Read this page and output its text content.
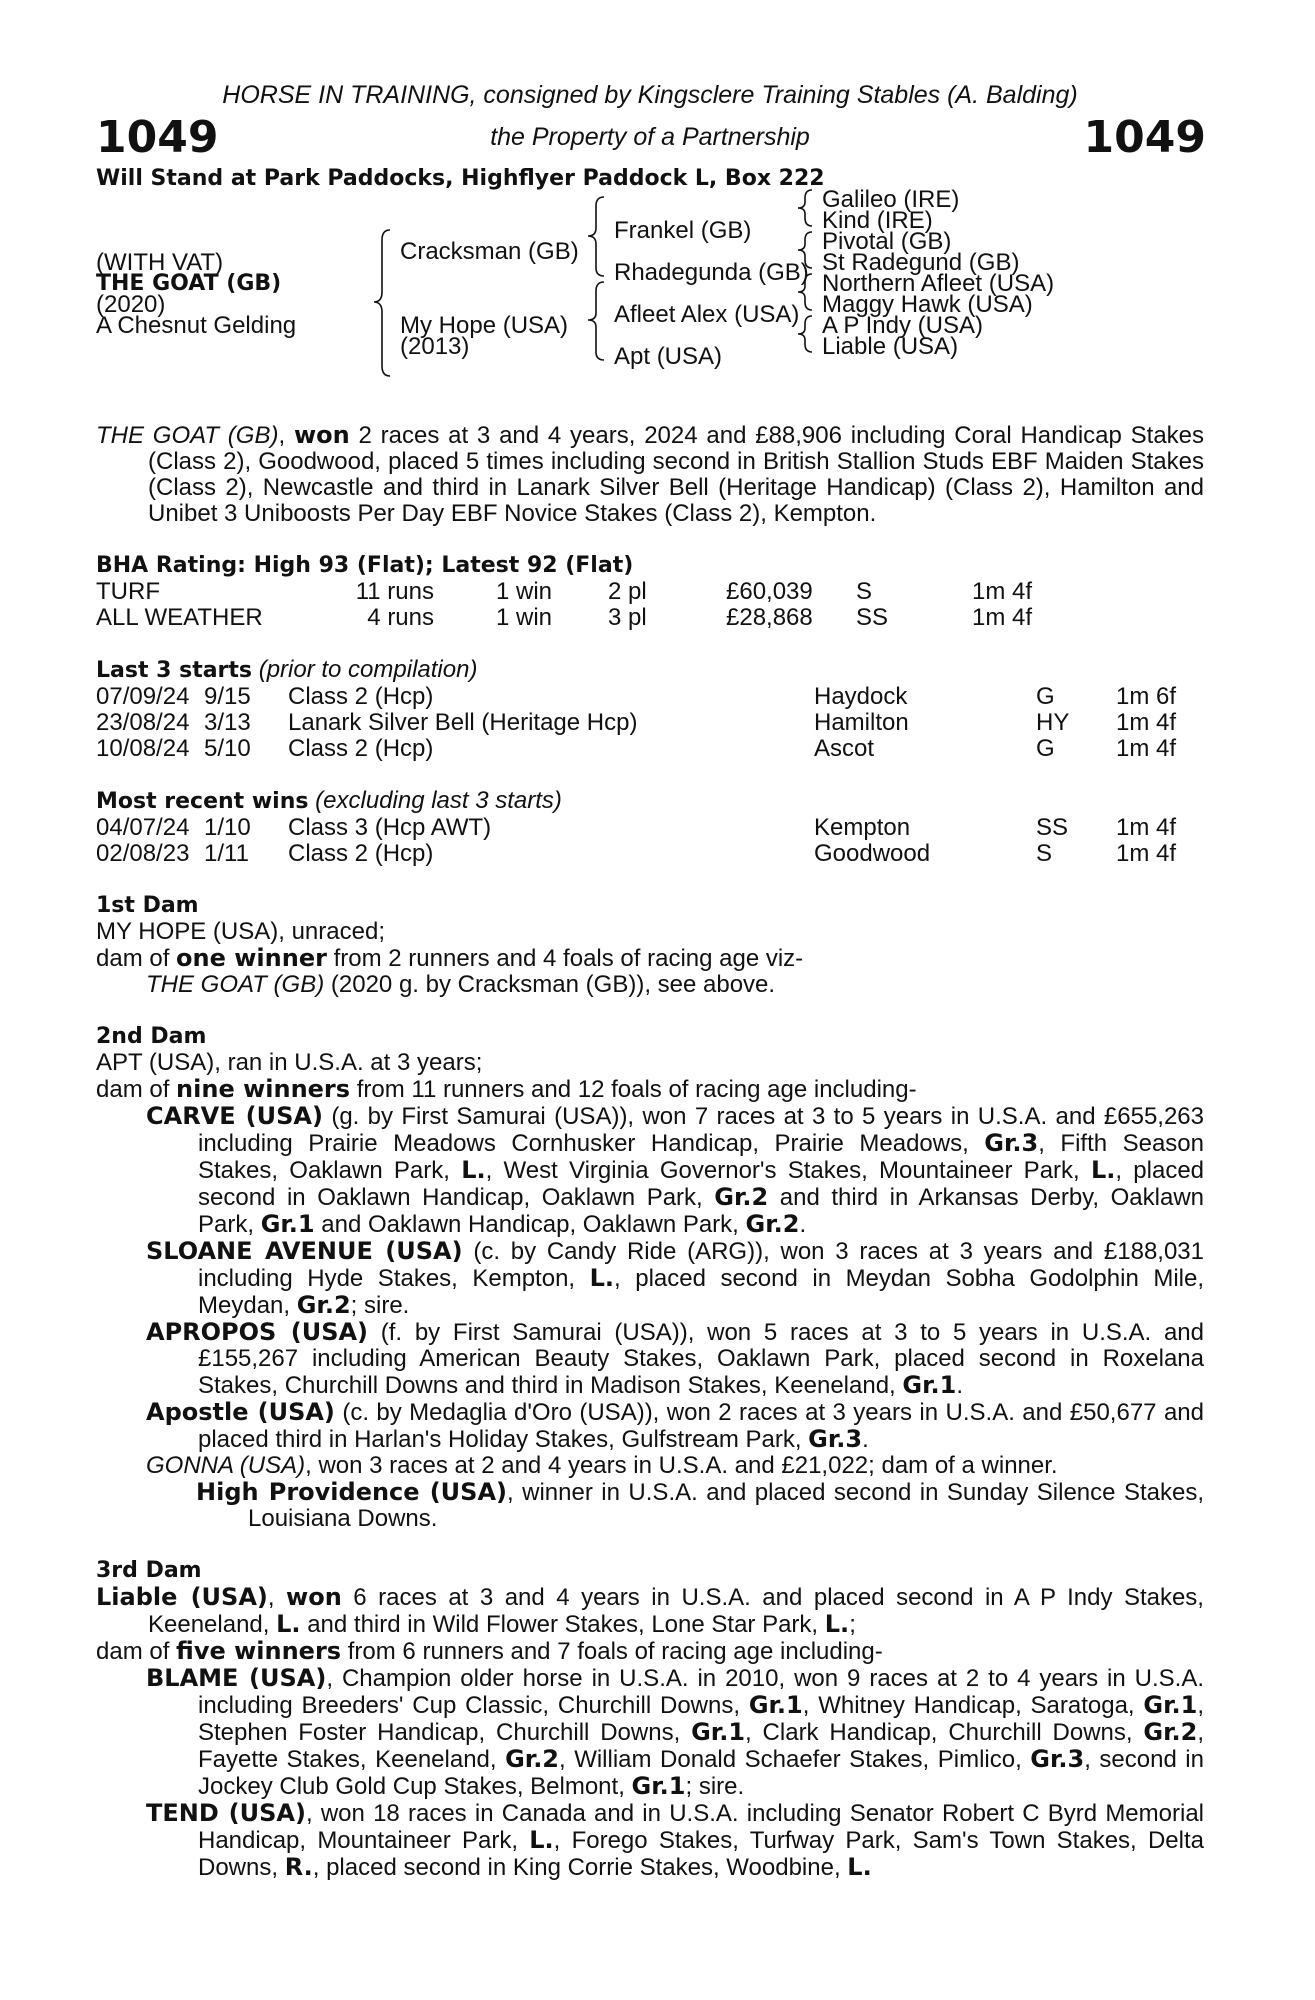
1049
HORSE IN TRAINING, consigned by Kingsclere Training Stables (A. Balding)
the Property of a Partnership	1049
Will Stand at Park Paddocks, Highflyer Paddock L, Box 222
(WITH VAT)
THE GOAT (GB)
(2020)
A Chesnut Gelding
Cracksman (GB)
My Hope (USA)
(2013)
Frankel (GB)
Rhadegunda (GB)
Afleet Alex (USA)
Apt (USA)
Galileo (IRE)
Kind (IRE)
Pivotal (GB)
St Radegund (GB)
Northern Afleet (USA)
Maggy Hawk (USA)
A P Indy (USA)
Liable (USA)
THE GOAT (GB), won 2 races at 3 and 4 years, 2024 and £88,906 including Coral Handicap Stakes (Class 2), Goodwood, placed 5 times including second in British Stallion Studs EBF Maiden Stakes (Class 2), Newcastle and third in Lanark Silver Bell (Heritage Handicap) (Class 2), Hamilton and Unibet 3 Uniboosts Per Day EBF Novice Stakes (Class 2), Kempton.
BHA Rating: High 93 (Flat); Latest 92 (Flat)
TURF	11 runs	1 win 2 pl	£60,039 S	1m 4f
ALL WEATHER	4 runs	1 win 3 pl	£28,868 SS	1m 4f
Last 3 starts (prior to compilation)
07/09/24 9/15 Class 2 (Hcp)	Haydock	G	1m 6f
23/08/24 3/13 Lanark Silver Bell (Heritage Hcp)	Hamilton	HY 1m 4f
10/08/24 5/10 Class 2 (Hcp)	Ascot	G	1m 4f
Most recent wins (excluding last 3 starts)
04/07/24 1/10 Class 3 (Hcp AWT)	Kempton	SS 1m 4f
02/08/23 1/11 Class 2 (Hcp)	Goodwood	S	1m 4f
1st Dam
MY HOPE (USA), unraced;
dam of one winner from 2 runners and 4 foals of racing age viz-
THE GOAT (GB) (2020 g. by Cracksman (GB)), see above.
2nd Dam
APT (USA), ran in U.S.A. at 3 years;
dam of nine winners from 11 runners and 12 foals of racing age including-
CARVE (USA) (g. by First Samurai (USA)), won 7 races at 3 to 5 years in U.S.A. and £655,263 including Prairie Meadows Cornhusker Handicap, Prairie Meadows, Gr.3, Fifth Season Stakes, Oaklawn Park, L., West Virginia Governor's Stakes, Mountaineer Park, L., placed second in Oaklawn Handicap, Oaklawn Park, Gr.2 and third in Arkansas Derby, Oaklawn Park, Gr.1 and Oaklawn Handicap, Oaklawn Park, Gr.2.
SLOANE AVENUE (USA) (c. by Candy Ride (ARG)), won 3 races at 3 years and £188,031 including Hyde Stakes, Kempton, L., placed second in Meydan Sobha Godolphin Mile, Meydan, Gr.2; sire.
APROPOS (USA) (f. by First Samurai (USA)), won 5 races at 3 to 5 years in U.S.A. and £155,267 including American Beauty Stakes, Oaklawn Park, placed second in Roxelana Stakes, Churchill Downs and third in Madison Stakes, Keeneland, Gr.1.
Apostle (USA) (c. by Medaglia d'Oro (USA)), won 2 races at 3 years in U.S.A. and £50,677 and placed third in Harlan's Holiday Stakes, Gulfstream Park, Gr.3.
GONNA (USA), won 3 races at 2 and 4 years in U.S.A. and £21,022; dam of a winner.
High Providence (USA), winner in U.S.A. and placed second in Sunday Silence Stakes, Louisiana Downs.
3rd Dam
Liable (USA), won 6 races at 3 and 4 years in U.S.A. and placed second in A P Indy Stakes, Keeneland, L. and third in Wild Flower Stakes, Lone Star Park, L.;
dam of five winners from 6 runners and 7 foals of racing age including-
BLAME (USA), Champion older horse in U.S.A. in 2010, won 9 races at 2 to 4 years in U.S.A. including Breeders' Cup Classic, Churchill Downs, Gr.1, Whitney Handicap, Saratoga, Gr.1, Stephen Foster Handicap, Churchill Downs, Gr.1, Clark Handicap, Churchill Downs, Gr.2, Fayette Stakes, Keeneland, Gr.2, William Donald Schaefer Stakes, Pimlico, Gr.3, second in Jockey Club Gold Cup Stakes, Belmont, Gr.1; sire.
TEND (USA), won 18 races in Canada and in U.S.A. including Senator Robert C Byrd Memorial Handicap, Mountaineer Park, L., Forego Stakes, Turfway Park, Sam's Town Stakes, Delta Downs, R., placed second in King Corrie Stakes, Woodbine, L.
